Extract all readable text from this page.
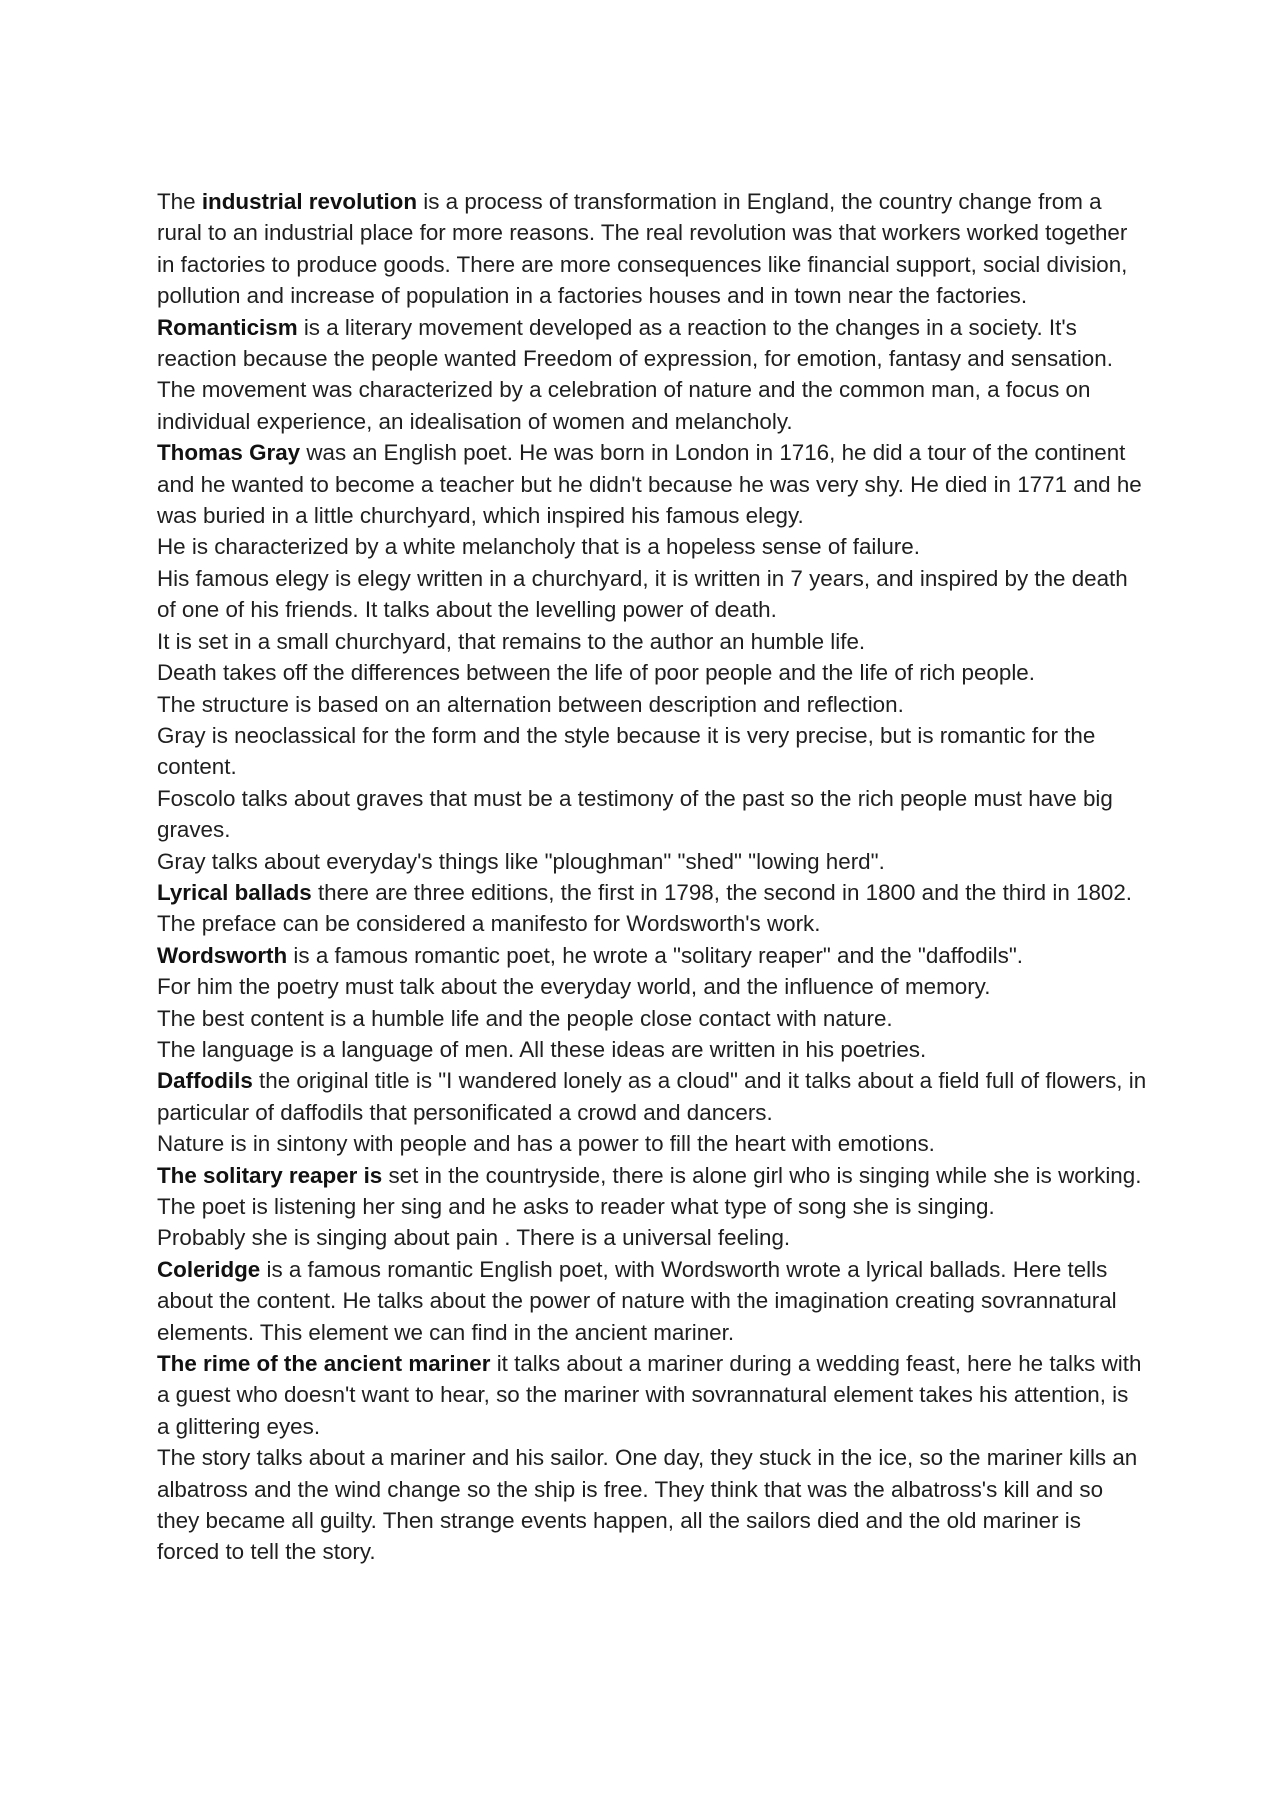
The industrial revolution is a process of transformation in England, the country change from a rural to an industrial place for more reasons. The real revolution was that workers worked together in factories to produce goods. There are more consequences like financial support, social division, pollution and increase of population in a factories houses and in town near the factories.

Romanticism is a literary movement developed as a reaction to the changes in a society. It's reaction because the people wanted Freedom of expression, for emotion, fantasy and sensation.

The movement was characterized by a celebration of nature and the common man, a focus on individual experience, an idealisation of women and melancholy.

Thomas Gray was an English poet. He was born in London in 1716, he did a tour of the continent and he wanted to become a teacher but he didn't because he was very shy. He died in 1771 and he was buried in a little churchyard, which inspired his famous elegy.

He is characterized by a white melancholy that is a hopeless sense of failure.

His famous elegy is elegy written in a churchyard, it is written in 7 years, and inspired by the death of one of his friends. It talks about the levelling power of death.

It is set in a small churchyard, that remains to the author an humble life.

Death takes off the differences between the life of poor people and the life of rich people.

The structure is based on an alternation between description and reflection.

Gray is neoclassical for the form and the style because it is very precise, but is romantic for the content.

Foscolo talks about graves that must be a testimony of the past so the rich people must have big graves.

Gray talks about everyday's things like "ploughman" "shed" "lowing herd".

Lyrical ballads there are three editions, the first in 1798, the second in 1800 and the third in 1802. The preface can be considered a manifesto for Wordsworth's work.

Wordsworth is a famous romantic poet, he wrote a "solitary reaper" and the "daffodils".

For him the poetry must talk about the everyday world, and the influence of memory.

The best content is a humble life and the people close contact with nature.

The language is a language of men. All these ideas are written in his poetries.

Daffodils the original title is "I wandered lonely as a cloud" and it talks about a field full of flowers, in particular of daffodils that personificated a crowd and dancers.

Nature is in sintony with people and has a power to fill the heart with emotions.

The solitary reaper is set in the countryside, there is alone girl who is singing while she is working. The poet is listening her sing and he asks to reader what type of song she is singing.

Probably she is singing about pain . There is a universal feeling.

Coleridge is a famous romantic English poet, with Wordsworth wrote a lyrical ballads. Here tells about the content. He talks about the power of nature with the imagination creating sovrannatural elements. This element we can find in the ancient mariner.

The rime of the ancient mariner it talks about a mariner during a wedding feast, here he talks with a guest who doesn't want to hear, so the mariner with sovrannatural element takes his attention, is a glittering eyes.

The story talks about a mariner and his sailor. One day, they stuck in the ice, so the mariner kills an albatross and the wind change so the ship is free. They think that was the albatross's kill and so they became all guilty. Then strange events happen, all the sailors died and the old mariner is forced to tell the story.
